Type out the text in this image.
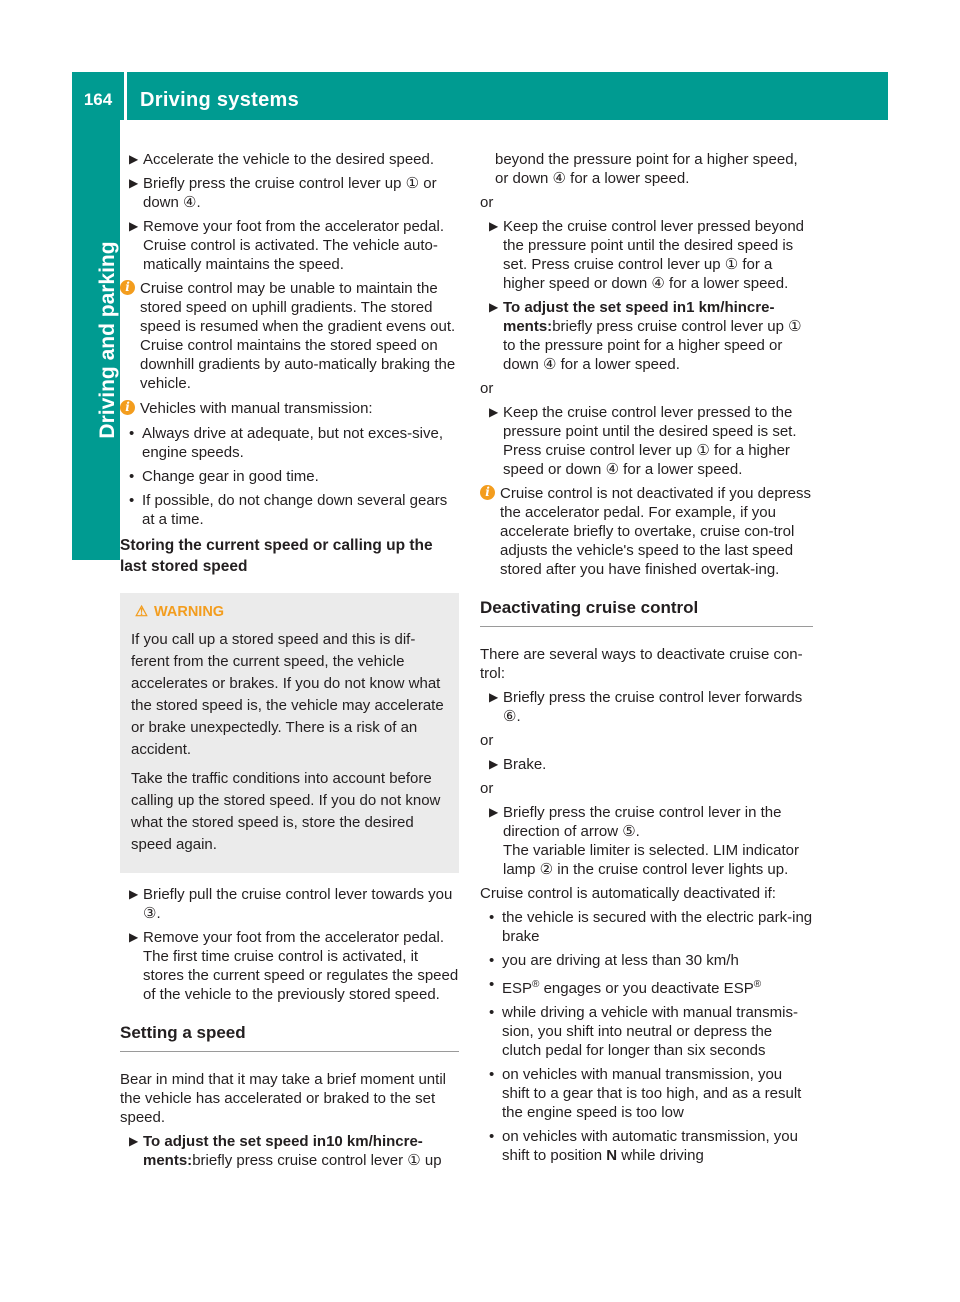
164	Driving systems
Driving and parking

▶ Accelerate the vehicle to the desired speed.

▶ Briefly press the cruise control lever up ① or down ④.

▶ Remove your foot from the accelerator pedal. Cruise control is activated. The vehicle auto-matically maintains the speed.

i Cruise control may be unable to maintain the stored speed on uphill gradients. The stored speed is resumed when the gradient evens out. Cruise control maintains the stored speed on downhill gradients by auto-matically braking the vehicle.

i Vehicles with manual transmission:

• Always drive at adequate, but not exces-sive, engine speeds.

• Change gear in good time.

• If possible, do not change down several gears at a time.

Storing the current speed or calling up the last stored speed

⚠ WARNING

If you call up a stored speed and this is dif-ferent from the current speed, the vehicle accelerates or brakes. If you do not know what the stored speed is, the vehicle may accelerate or brake unexpectedly. There is a risk of an accident.

Take the traffic conditions into account before calling up the stored speed. If you do not know what the stored speed is, store the desired speed again.

▶ Briefly pull the cruise control lever towards you ③.

▶ Remove your foot from the accelerator pedal. The first time cruise control is activated, it stores the current speed or regulates the speed of the vehicle to the previously stored speed.

Setting a speed

Bear in mind that it may take a brief moment until the vehicle has accelerated or braked to the set speed.

▶ To adjust the set speed in10 km/hincre-ments:briefly press cruise control lever ① up

beyond the pressure point for a higher speed, or down ④ for a lower speed.

or

▶ Keep the cruise control lever pressed beyond the pressure point until the desired speed is set. Press cruise control lever up ① for a higher speed or down ④ for a lower speed.

▶ To adjust the set speed in1 km/hincre-ments:briefly press cruise control lever up ① to the pressure point for a higher speed or down ④ for a lower speed.

or

▶ Keep the cruise control lever pressed to the pressure point until the desired speed is set. Press cruise control lever up ① for a higher speed or down ④ for a lower speed.

i Cruise control is not deactivated if you depress the accelerator pedal. For example, if you accelerate briefly to overtake, cruise con-trol adjusts the vehicle's speed to the last speed stored after you have finished overtak-ing.

Deactivating cruise control

There are several ways to deactivate cruise con-trol:

▶ Briefly press the cruise control lever forwards ⑥.

or

▶ Brake.

or

▶ Briefly press the cruise control lever in the direction of arrow ⑤.
The variable limiter is selected. LIM indicator lamp ② in the cruise control lever lights up.

Cruise control is automatically deactivated if:

• the vehicle is secured with the electric park-ing brake

• you are driving at less than 30 km/h

• ESP® engages or you deactivate ESP®

• while driving a vehicle with manual transmis-sion, you shift into neutral or depress the clutch pedal for longer than six seconds

• on vehicles with manual transmission, you shift to a gear that is too high, and as a result the engine speed is too low

• on vehicles with automatic transmission, you shift to position N while driving
